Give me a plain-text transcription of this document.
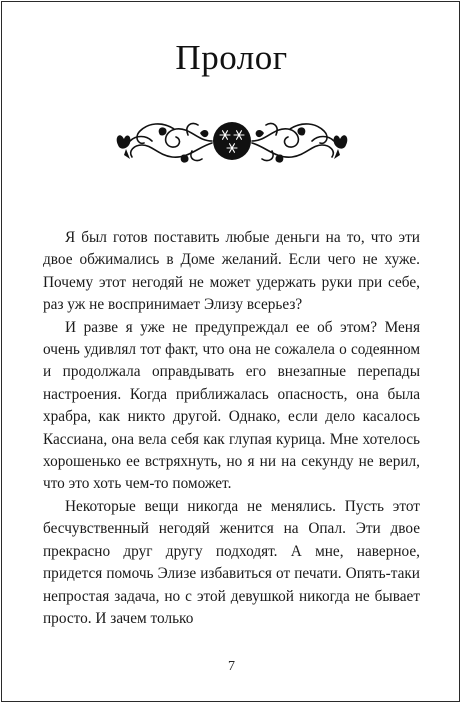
Пролог

Я был готов поставить любые деньги на то, что эти двое обжимались в Доме желаний. Если чего не хуже. Почему этот негодяй не может удержать руки при себе, раз уж не воспринимает Элизу всерьез?

И разве я уже не предупреждал ее об этом? Меня очень удивлял тот факт, что она не сожалела о содеянном и продолжала оправдывать его внезапные перепады настроения. Когда приближалась опасность, она была храбра, как никто другой. Однако, если дело касалось Кассиана, она вела себя как глупая курица. Мне хотелось хорошенько ее встряхнуть, но я ни на секунду не верил, что это хоть чем-то поможет.

Некоторые вещи никогда не менялись. Пусть этот бесчувственный негодяй женится на Опал. Эти двое прекрасно друг другу подходят. А мне, наверное, придется помочь Элизе избавиться от печати. Опять-таки непростая задача, но с этой девушкой никогда не бывает просто. И зачем только

7
